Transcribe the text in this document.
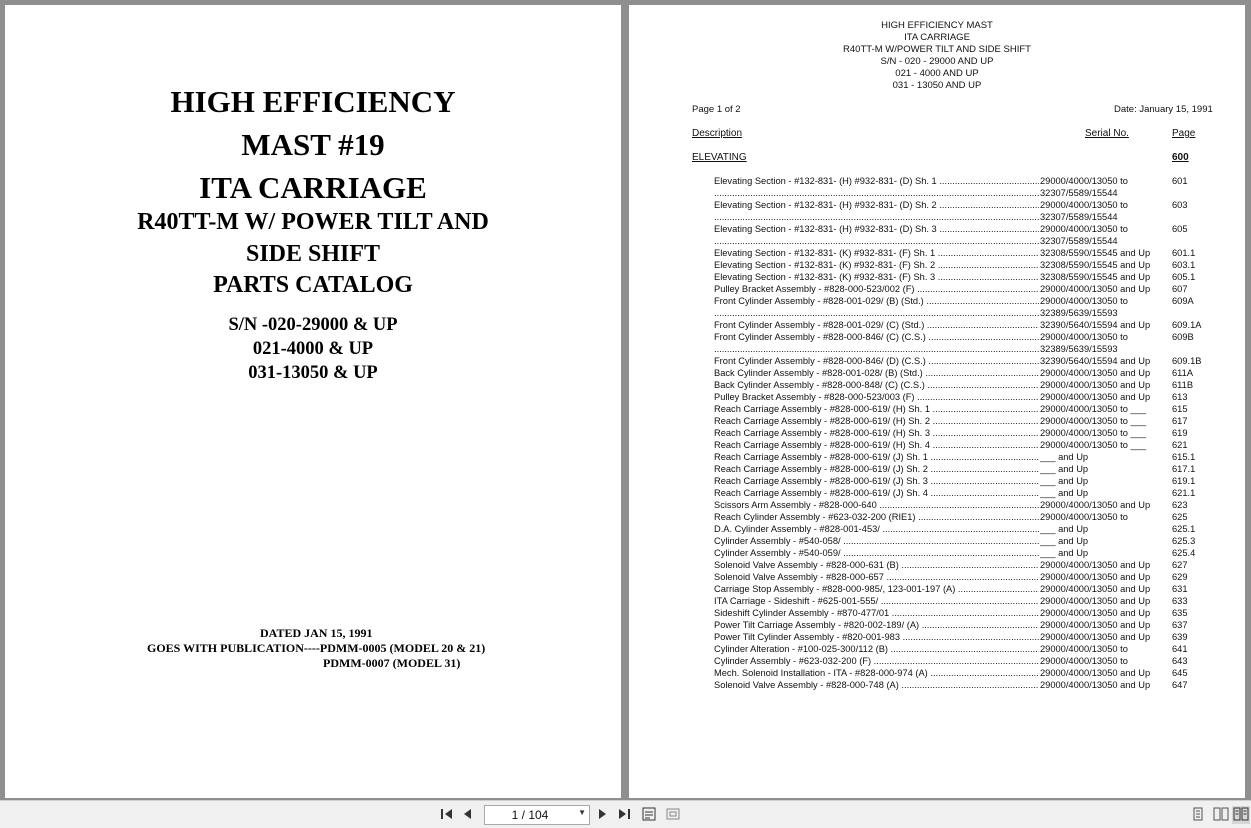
HIGH EFFICIENCY
MAST #19
ITA CARRIAGE
R40TT-M W/ POWER TILT AND
SIDE SHIFT
PARTS CATALOG
S/N -020-29000 & UP
021-4000 & UP
031-13050 & UP
DATED JAN 15, 1991
GOES WITH PUBLICATION----PDMM-0005 (MODEL 20 & 21)
PDMM-0007 (MODEL 31)
HIGH EFFICIENCY MAST
ITA CARRIAGE
R40TT-M W/POWER TILT AND SIDE SHIFT
S/N - 020 - 29000 AND UP
021 - 4000 AND UP
031 - 13050 AND UP
Page 1 of 2	Date: January 15, 1991
Description	Serial No.	Page
ELEVATING	600
Elevating Section - #132-831- (H) #932-831- (D) Sh. 1 .....	29000/4000/13050 to	601
.....
32307/5589/15544
Elevating Section - #132-831- (H) #932-831- (D) Sh. 2 .....	29000/4000/13050 to	603
.....
32307/5589/15544
Elevating Section - #132-831- (H) #932-831- (D) Sh. 3 .....	29000/4000/13050 to	605
.....
32307/5589/15544
Elevating Section - #132-831- (K) #932-831- (F) Sh. 1 .....	32308/5590/15545 and Up	601.1
Elevating Section - #132-831- (K) #932-831- (F) Sh. 2 .....	32308/5590/15545 and Up	603.1
Elevating Section - #132-831- (K) #932-831- (F) Sh. 3 .....	32308/5590/15545 and Up	605.1
Pulley Bracket Assembly - #828-000-523/002 (F) .....	29000/4000/13050 and Up	607
Front Cylinder Assembly - #828-001-029/ (B) (Std.) .....	29000/4000/13050 to	609A
.....
32389/5639/15593
Front Cylinder Assembly - #828-001-029/ (C) (Std.) .....	32390/5640/15594 and Up	609.1A
Front Cylinder Assembly - #828-000-846/ (C) (C.S.) .....	29000/4000/13050 to	609B
.....
32389/5639/15593
Front Cylinder Assembly - #828-000-846/ (D) (C.S.) .....	32390/5640/15594 and Up	609.1B
Back Cylinder Assembly - #828-001-028/ (B) (Std.) .....	29000/4000/13050 and Up	611A
Back Cylinder Assembly - #828-000-848/ (C) (C.S.) .....	29000/4000/13050 and Up	611B
Pulley Bracket Assembly - #828-000-523/003 (F) .....	29000/4000/13050 and Up	613
Reach Carriage Assembly - #828-000-619/ (H) Sh. 1 .....	29000/4000/13050 to ___	615
Reach Carriage Assembly - #828-000-619/ (H) Sh. 2 .....	29000/4000/13050 to ___	617
Reach Carriage Assembly - #828-000-619/ (H) Sh. 3 .....	29000/4000/13050 to ___	619
Reach Carriage Assembly - #828-000-619/ (H) Sh. 4 .....	29000/4000/13050 to ___	621
Reach Carriage Assembly - #828-000-619/ (J) Sh. 1 .....	___ and Up	615.1
Reach Carriage Assembly - #828-000-619/ (J) Sh. 2 .....	___ and Up	617.1
Reach Carriage Assembly - #828-000-619/ (J) Sh. 3 .....	___ and Up	619.1
Reach Carriage Assembly - #828-000-619/ (J) Sh. 4 .....	___ and Up	621.1
Scissors Arm Assembly - #828-000-640 .....	29000/4000/13050 and Up	623
Reach Cylinder Assembly - #623-032-200 (RIE1) .....	29000/4000/13050 to	625
D.A. Cylinder Assembly - #828-001-453/ .....	___ and Up	625.1
Cylinder Assembly - #540-058/ .....	___ and Up	625.3
Cylinder Assembly - #540-059/ .....	___ and Up	625.4
Solenoid Valve Assembly - #828-000-631 (B) .....	29000/4000/13050 and Up	627
Solenoid Valve Assembly - #828-000-657 .....	29000/4000/13050 and Up	629
Carriage Stop Assembly - #828-000-985/, 123-001-197 (A) .....	29000/4000/13050 and Up	631
ITA Carriage - Sideshift - #625-001-555/ .....	29000/4000/13050 and Up	633
Sideshift Cylinder Assembly - #870-477/01 .....	29000/4000/13050 and Up	635
Power Tilt Carriage Assembly - #820-002-189/ (A) .....	29000/4000/13050 and Up	637
Power Tilt Cylinder Assembly - #820-001-983 .....	29000/4000/13050 and Up	639
Cylinder Alteration - #100-025-300/112 (B) .....	29000/4000/13050 to	641
Cylinder Assembly - #623-032-200 (F) .....	29000/4000/13050 to	643
Mech. Solenoid Installation - ITA - #828-000-974 (A) .....	29000/4000/13050 and Up	645
Solenoid Valve Assembly - #828-000-748 (A) .....	29000/4000/13050 and Up	647
1 / 104
▼
